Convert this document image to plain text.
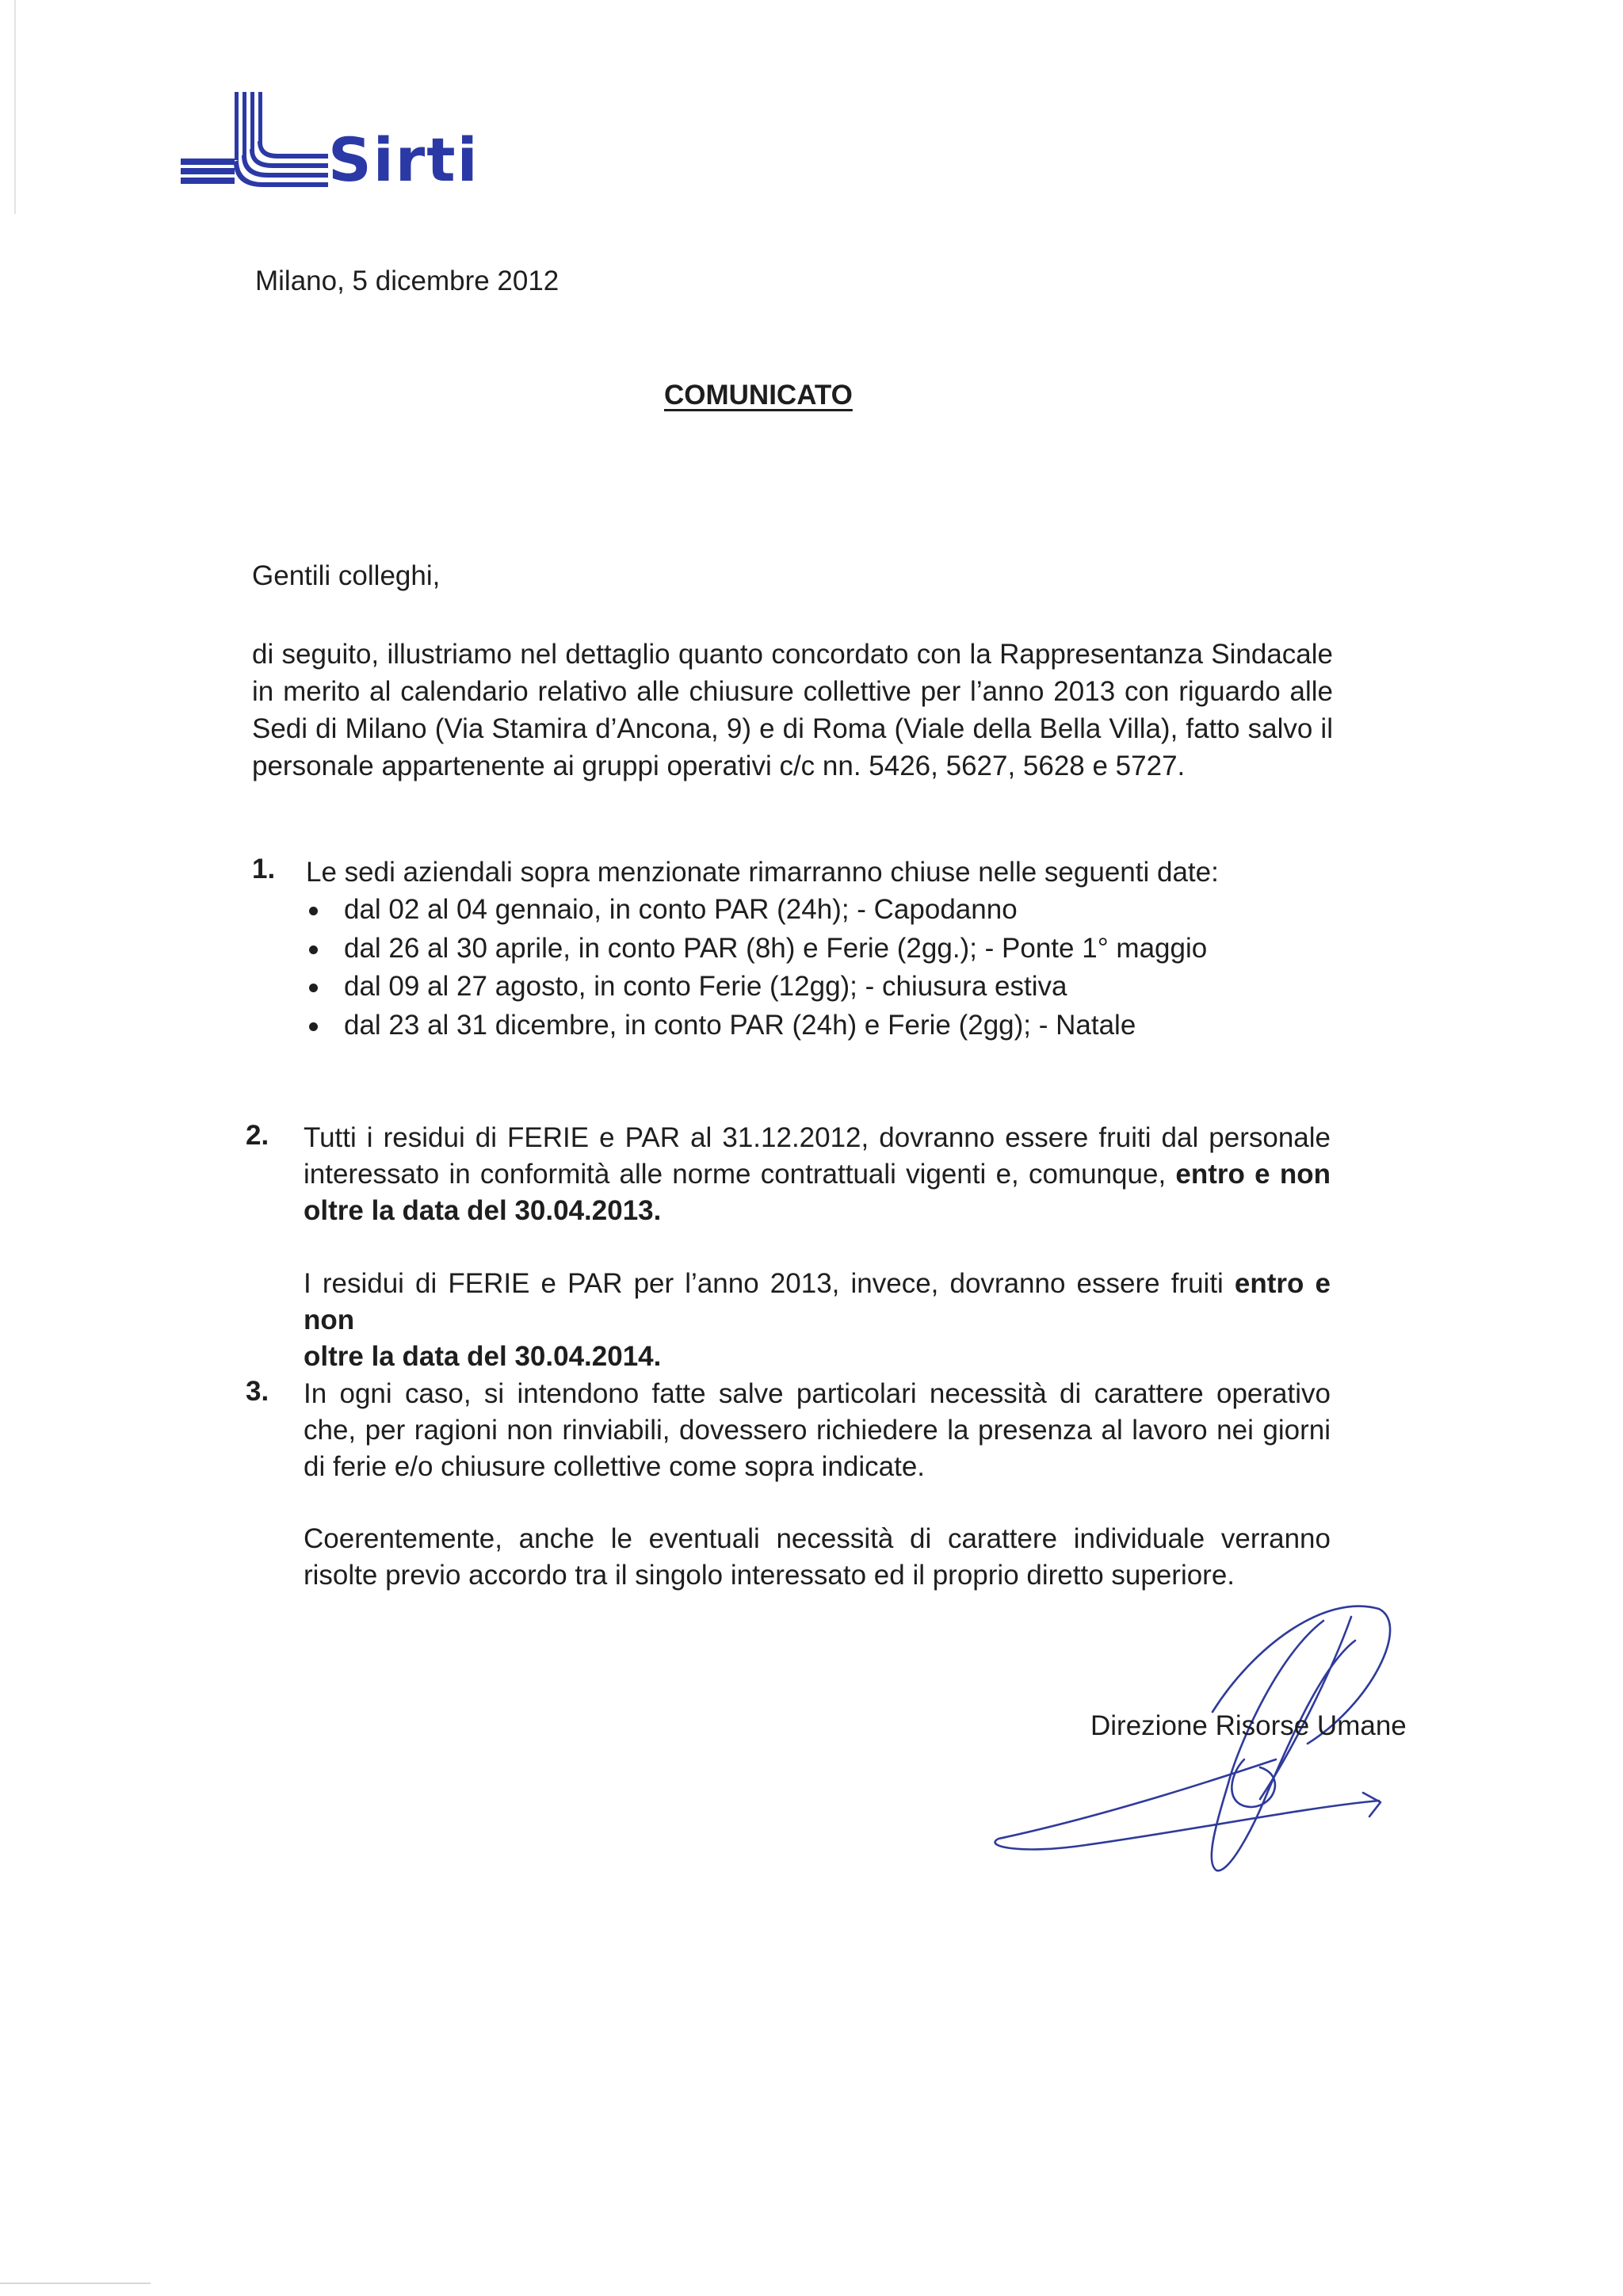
Sirti
Milano, 5 dicembre 2012
COMUNICATO
Gentili colleghi,
di seguito, illustriamo nel dettaglio quanto concordato con la Rappresentanza Sindacale
in merito al calendario relativo alle chiusure collettive per l’anno 2013 con riguardo alle
Sedi di Milano (Via Stamira d’Ancona, 9) e di Roma (Viale della Bella Villa), fatto salvo il
personale appartenente ai gruppi operativi c/c nn. 5426, 5627, 5628 e 5727.
1. Le sedi aziendali sopra menzionate rimarranno chiuse nelle seguenti date:
dal 02 al 04 gennaio, in conto PAR (24h); - Capodanno
dal 26 al 30 aprile, in conto PAR (8h) e Ferie (2gg.); - Ponte 1° maggio
dal 09 al 27 agosto, in conto Ferie (12gg); - chiusura estiva
dal 23 al 31 dicembre, in conto PAR (24h) e Ferie (2gg); - Natale
2. Tutti i residui di FERIE e PAR al 31.12.2012, dovranno essere fruiti dal personale
interessato in conformità alle norme contrattuali vigenti e, comunque, entro e non
oltre la data del 30.04.2013.
I residui di FERIE e PAR per l’anno 2013, invece, dovranno essere fruiti entro e non
oltre la data del 30.04.2014.
3. In ogni caso, si intendono fatte salve particolari necessità di carattere operativo
che, per ragioni non rinviabili, dovessero richiedere la presenza al lavoro nei giorni
di ferie e/o chiusure collettive come sopra indicate.
Coerentemente, anche le eventuali necessità di carattere individuale verranno
risolte previo accordo tra il singolo interessato ed il proprio diretto superiore.
Direzione Risorse Umane
